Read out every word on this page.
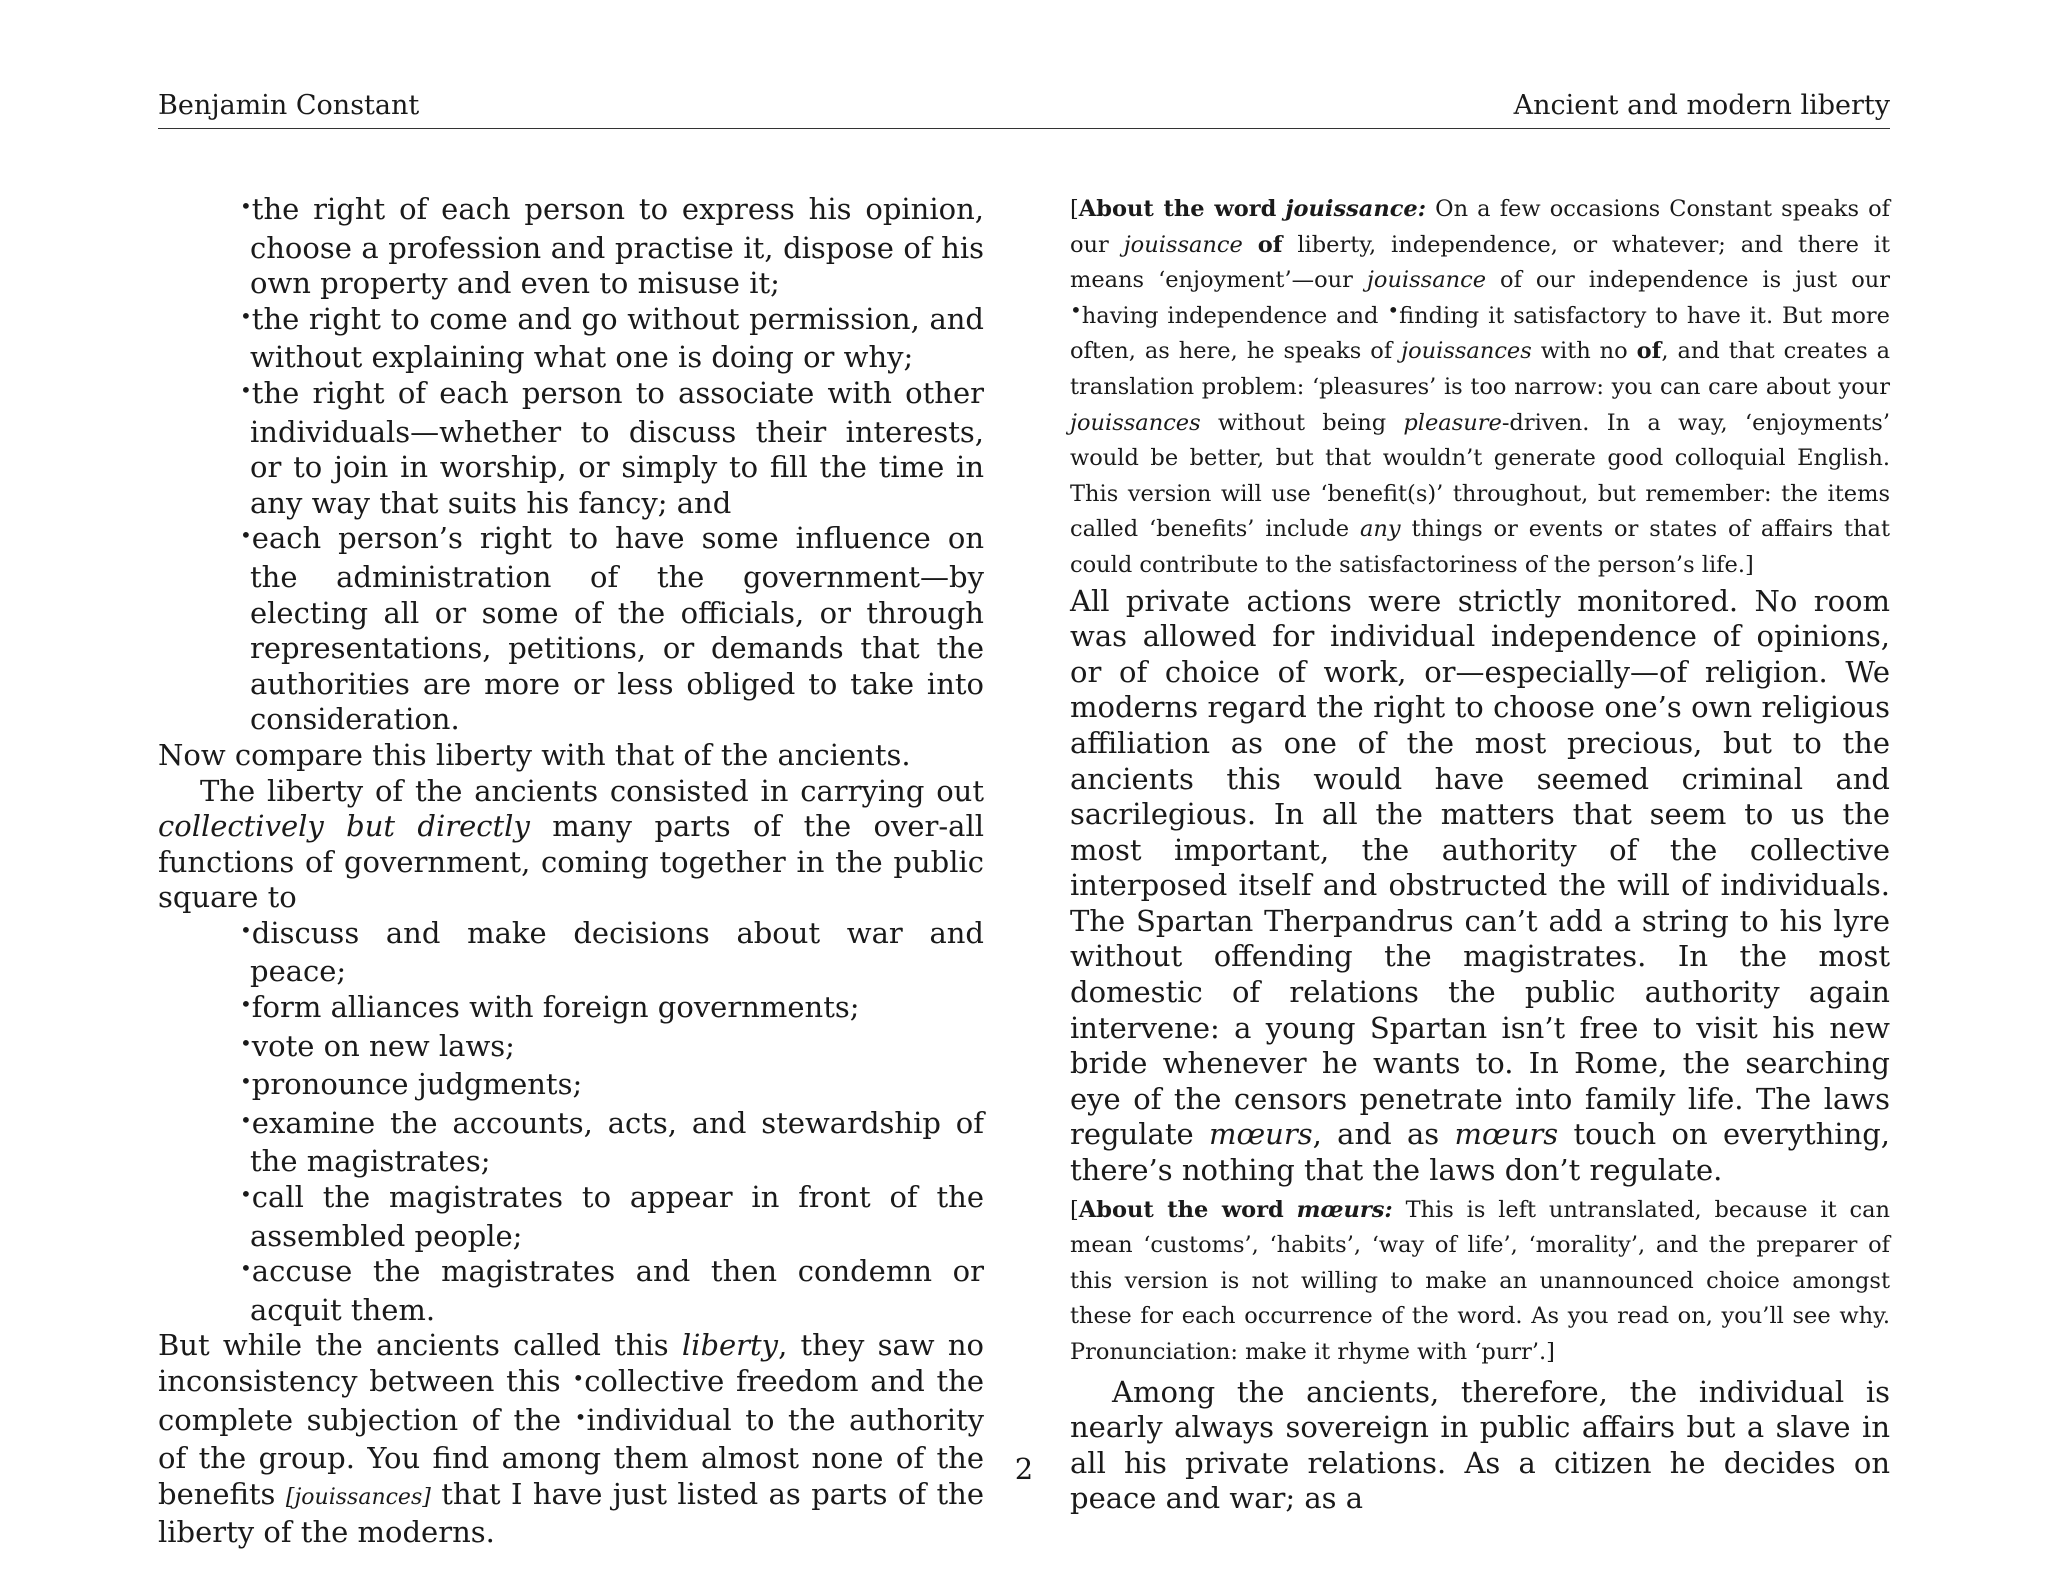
Benjamin Constant	Ancient and modern liberty
•the right of each person to express his opinion, choose a profession and practise it, dispose of his own property and even to misuse it;
•the right to come and go without permission, and without explaining what one is doing or why;
•the right of each person to associate with other individuals—whether to discuss their interests, or to join in worship, or simply to fill the time in any way that suits his fancy; and
•each person’s right to have some influence on the administration of the government—by electing all or some of the officials, or through representations, petitions, or demands that the authorities are more or less obliged to take into consideration.

Now compare this liberty with that of the ancients.

The liberty of the ancients consisted in carrying out collectively but directly many parts of the over-all functions of government, coming together in the public square to

•discuss and make decisions about war and peace;
•form alliances with foreign governments;
•vote on new laws;
•pronounce judgments;
•examine the accounts, acts, and stewardship of the magistrates;
•call the magistrates to appear in front of the assembled people;
•accuse the magistrates and then condemn or acquit them.

But while the ancients called this liberty, they saw no inconsistency between this •collective freedom and the complete subjection of the •individual to the authority of the group. You find among them almost none of the benefits [jouissances] that I have just listed as parts of the liberty of the moderns.

[About the word jouissance: On a few occasions Constant speaks of our jouissance of liberty, independence, or whatever; and there it means ‘enjoyment’—our jouissance of our independence is just our •having independence and •finding it satisfactory to have it. But more often, as here, he speaks of jouissances with no of, and that creates a translation problem: ‘pleasures’ is too narrow: you can care about your jouissances without being pleasure-driven. In a way, ‘enjoyments’ would be better, but that wouldn’t generate good colloquial English. This version will use ‘benefit(s)’ throughout, but remember: the items called ‘benefits’ include any things or events or states of affairs that could contribute to the satisfactoriness of the person’s life.]

All private actions were strictly monitored. No room was allowed for individual independence of opinions, or of choice of work, or—especially—of religion. We moderns regard the right to choose one’s own religious affiliation as one of the most precious, but to the ancients this would have seemed criminal and sacrilegious. In all the matters that seem to us the most important, the authority of the collective interposed itself and obstructed the will of individuals. The Spartan Therpandrus can’t add a string to his lyre without offending the magistrates. In the most domestic of relations the public authority again intervene: a young Spartan isn’t free to visit his new bride whenever he wants to. In Rome, the searching eye of the censors penetrate into family life. The laws regulate mœurs, and as mœurs touch on everything, there’s nothing that the laws don’t regulate.

[About the word mœurs: This is left untranslated, because it can mean ‘customs’, ‘habits’, ‘way of life’, ‘morality’, and the preparer of this version is not willing to make an unannounced choice amongst these for each occurrence of the word. As you read on, you’ll see why. Pronunciation: make it rhyme with ‘purr’.]

Among the ancients, therefore, the individual is nearly always sovereign in public affairs but a slave in all his private relations. As a citizen he decides on peace and war; as a

2
